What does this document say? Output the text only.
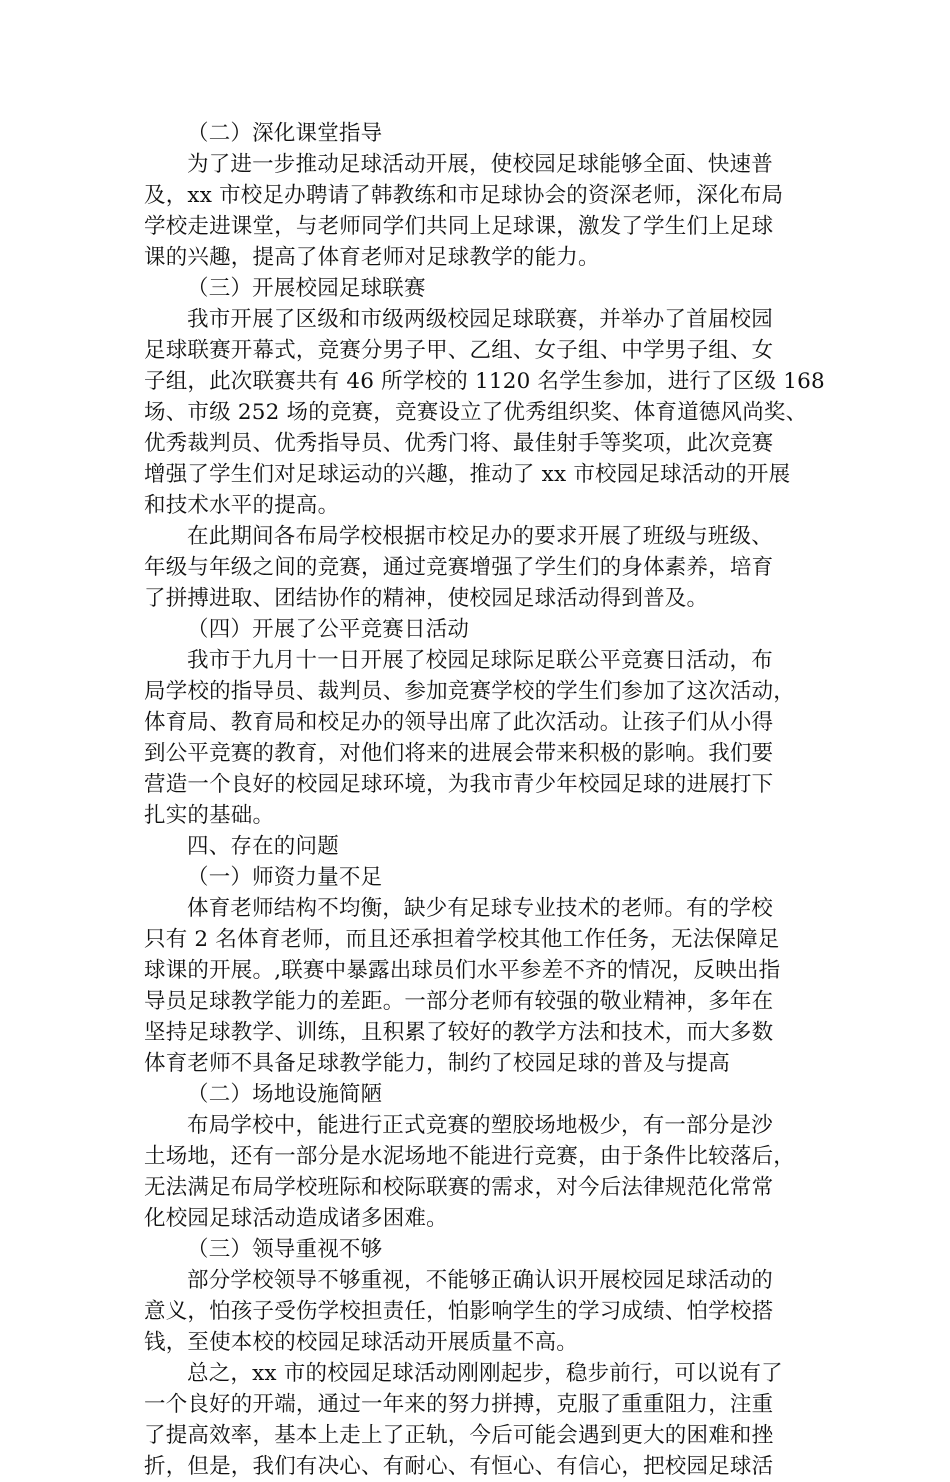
（二）深化课堂指导
为了进一步推动足球活动开展，使校园足球能够全面、快速普
及，xx 市校足办聘请了韩教练和市足球协会的资深老师，深化布局
学校走进课堂，与老师同学们共同上足球课，激发了学生们上足球
课的兴趣，提高了体育老师对足球教学的能力。
（三）开展校园足球联赛
我市开展了区级和市级两级校园足球联赛，并举办了首届校园
足球联赛开幕式，竞赛分男子甲、乙组、女子组、中学男子组、女
子组，此次联赛共有 46 所学校的 1120 名学生参加，进行了区级 168
场、市级 252 场的竞赛，竞赛设立了优秀组织奖、体育道德风尚奖、
优秀裁判员、优秀指导员、优秀门将、最佳射手等奖项，此次竞赛
增强了学生们对足球运动的兴趣，推动了 xx 市校园足球活动的开展
和技术水平的提高。
在此期间各布局学校根据市校足办的要求开展了班级与班级、
年级与年级之间的竞赛，通过竞赛增强了学生们的身体素养，培育
了拼搏进取、团结协作的精神，使校园足球活动得到普及。
（四）开展了公平竞赛日活动
我市于九月十一日开展了校园足球际足联公平竞赛日活动，布
局学校的指导员、裁判员、参加竞赛学校的学生们参加了这次活动，
体育局、教育局和校足办的领导出席了此次活动。让孩子们从小得
到公平竞赛的教育，对他们将来的进展会带来积极的影响。我们要
营造一个良好的校园足球环境，为我市青少年校园足球的进展打下
扎实的基础。
四、存在的问题
（一）师资力量不足
体育老师结构不均衡，缺少有足球专业技术的老师。有的学校
只有 2 名体育老师，而且还承担着学校其他工作任务，无法保障足
球课的开展。,联赛中暴露出球员们水平参差不齐的情况，反映出指
导员足球教学能力的差距。一部分老师有较强的敬业精神，多年在
坚持足球教学、训练，且积累了较好的教学方法和技术，而大多数
体育老师不具备足球教学能力，制约了校园足球的普及与提高
（二）场地设施简陋
布局学校中，能进行正式竞赛的塑胶场地极少，有一部分是沙
土场地，还有一部分是水泥场地不能进行竞赛，由于条件比较落后，
无法满足布局学校班际和校际联赛的需求，对今后法律规范化常常
化校园足球活动造成诸多困难。
（三）领导重视不够
部分学校领导不够重视，不能够正确认识开展校园足球活动的
意义，怕孩子受伤学校担责任，怕影响学生的学习成绩、怕学校搭
钱，至使本校的校园足球活动开展质量不高。
总之，xx 市的校园足球活动刚刚起步，稳步前行，可以说有了
一个良好的开端，通过一年来的努力拼搏，克服了重重阻力，注重
了提高效率，基本上走上了正轨，今后可能会遇到更大的困难和挫
折，但是，我们有决心、有耐心、有恒心、有信心，把校园足球活
